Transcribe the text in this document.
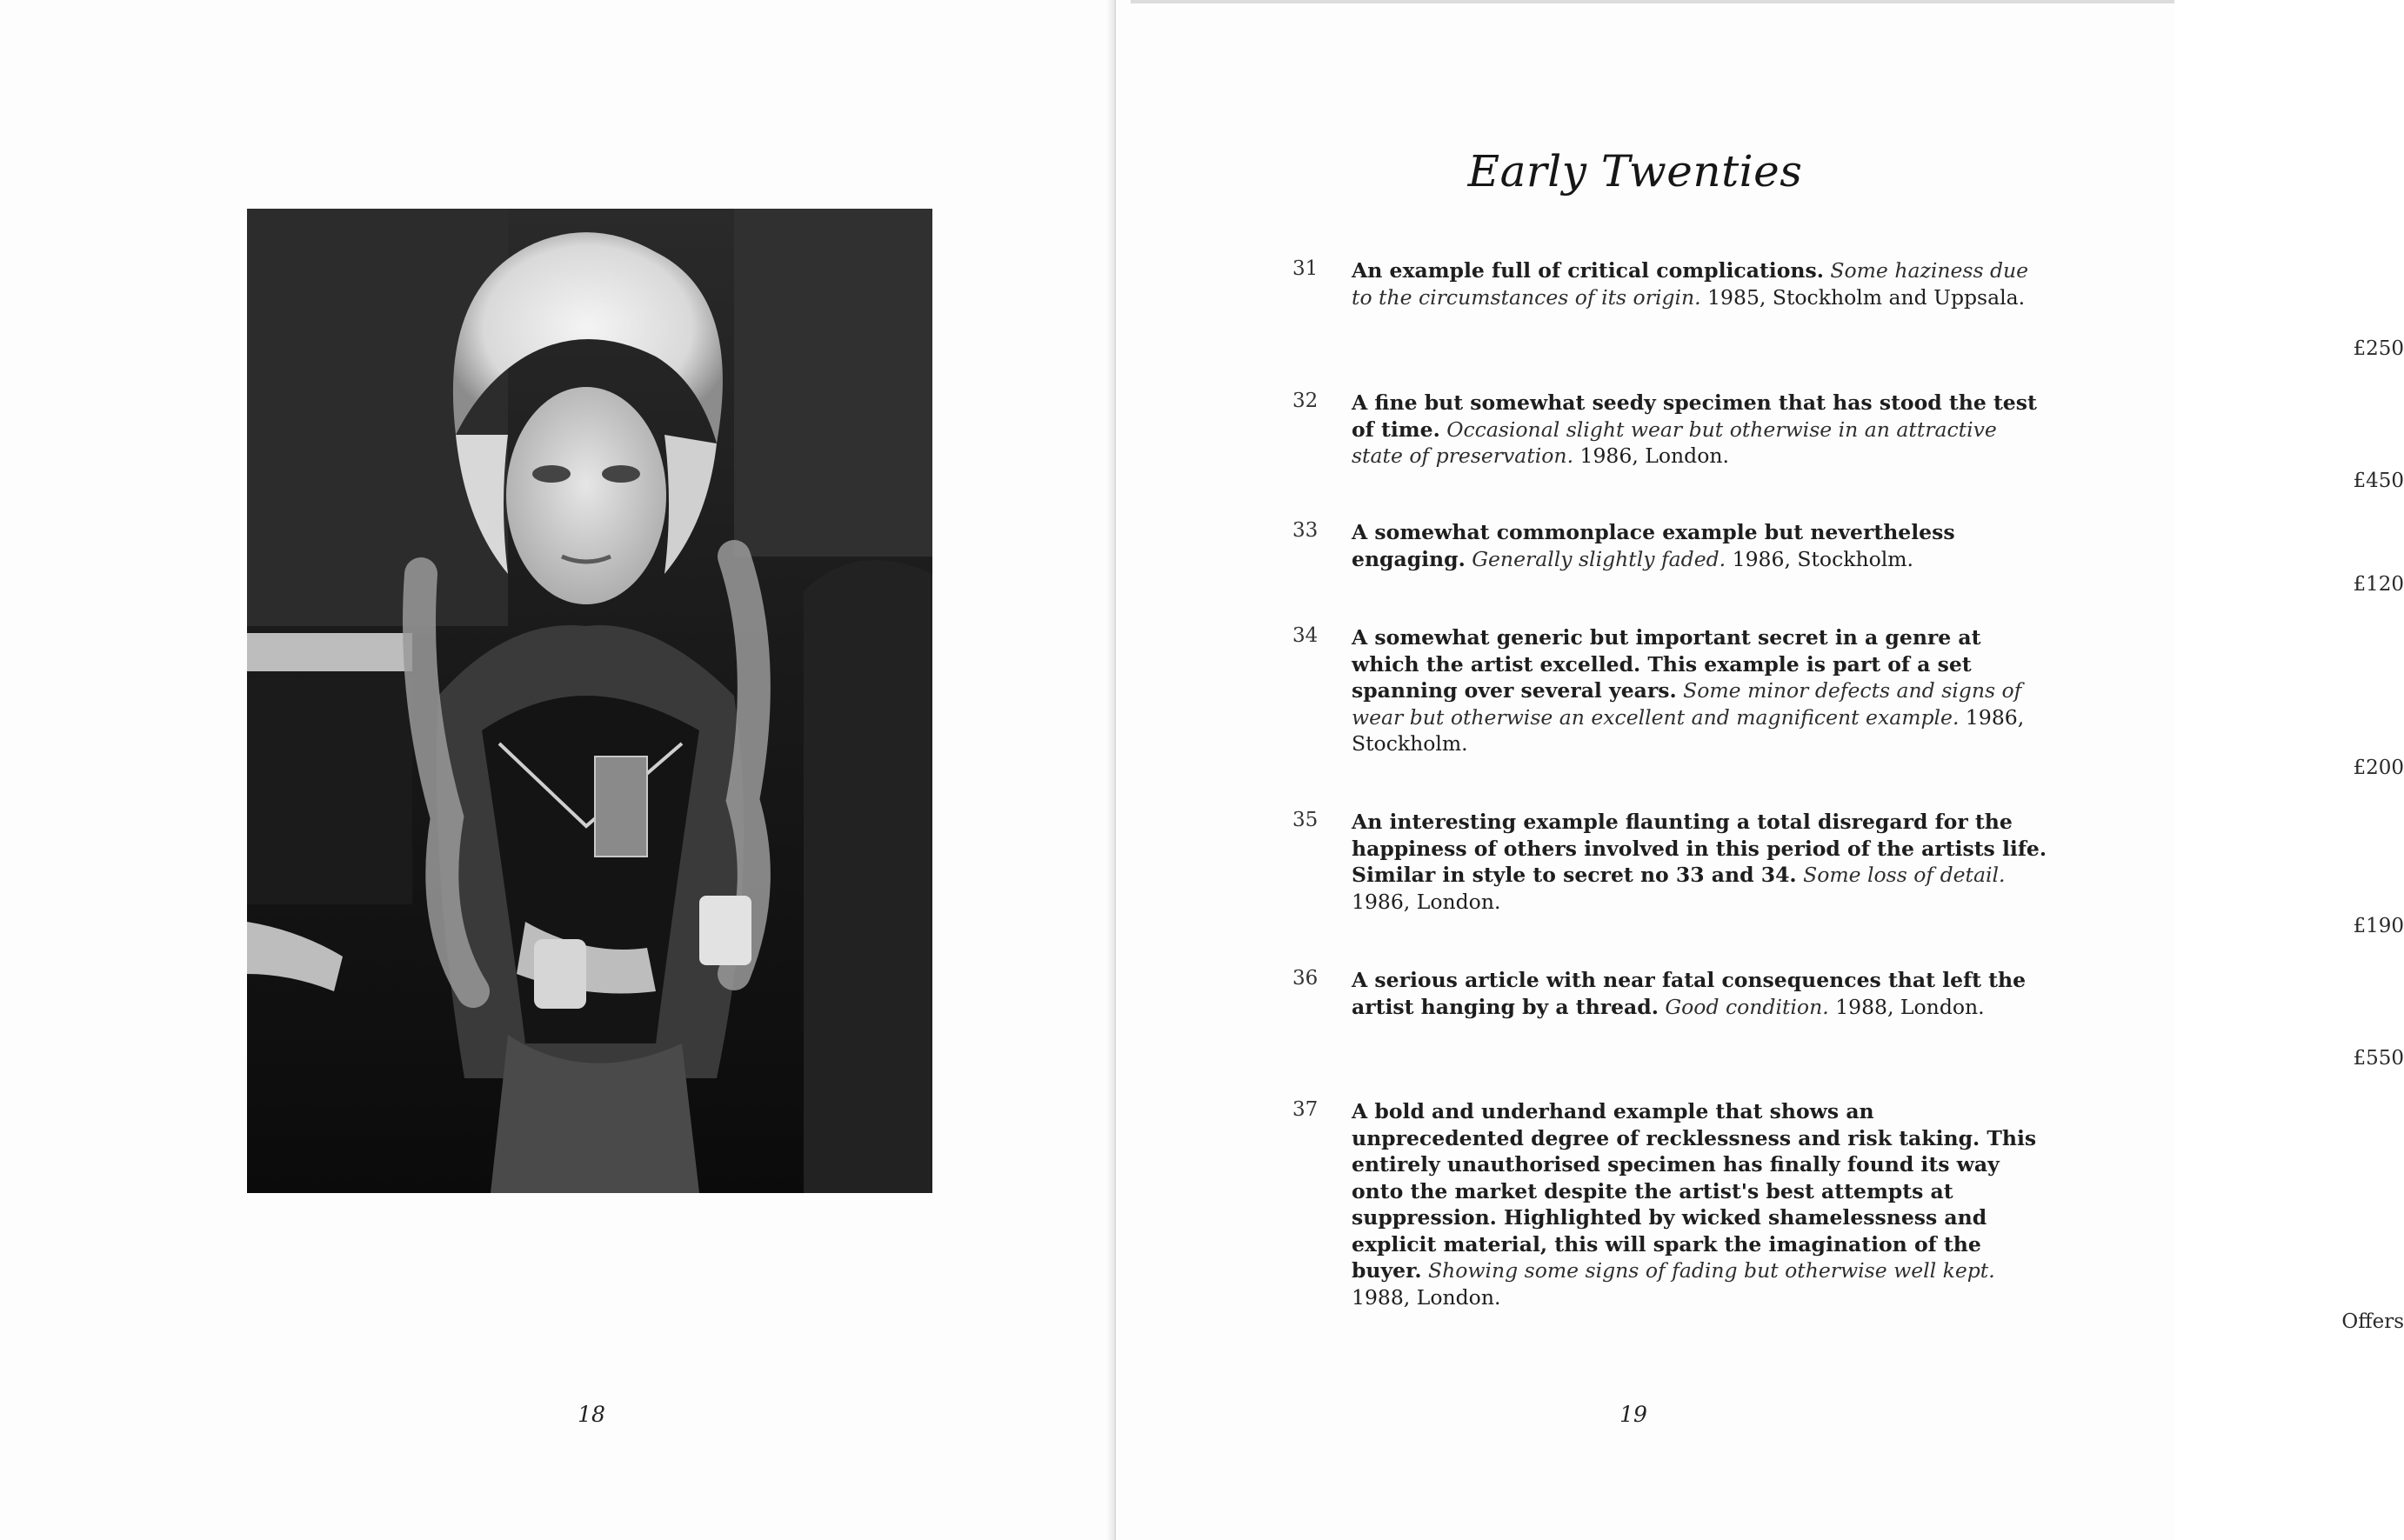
18
Early Twenties
31	An example full of critical complications. Some haziness due to the circumstances of its origin. 1985, Stockholm and Uppsala.
£250
32	A fine but somewhat seedy specimen that has stood the test of time. Occasional slight wear but otherwise in an attractive state of preservation. 1986, London.
£450
33	A somewhat commonplace example but nevertheless engaging. Generally slightly faded. 1986, Stockholm.
£120
34	A somewhat generic but important secret in a genre at which the artist excelled. This example is part of a set spanning over several years. Some minor defects and signs of wear but otherwise an excellent and magnificent example. 1986, Stockholm.
£200
35	An interesting example flaunting a total disregard for the happiness of others involved in this period of the artists life. Similar in style to secret no 33 and 34. Some loss of detail. 1986, London.
£190
36	A serious article with near fatal consequences that left the artist hanging by a thread. Good condition. 1988, London.
£550
37	A bold and underhand example that shows an unprecedented degree of recklessness and risk taking. This entirely unauthorised specimen has finally found its way onto the market despite the artist's best attempts at suppression. Highlighted by wicked shamelessness and explicit material, this will spark the imagination of the buyer. Showing some signs of fading but otherwise well kept. 1988, London.
Offers
19
